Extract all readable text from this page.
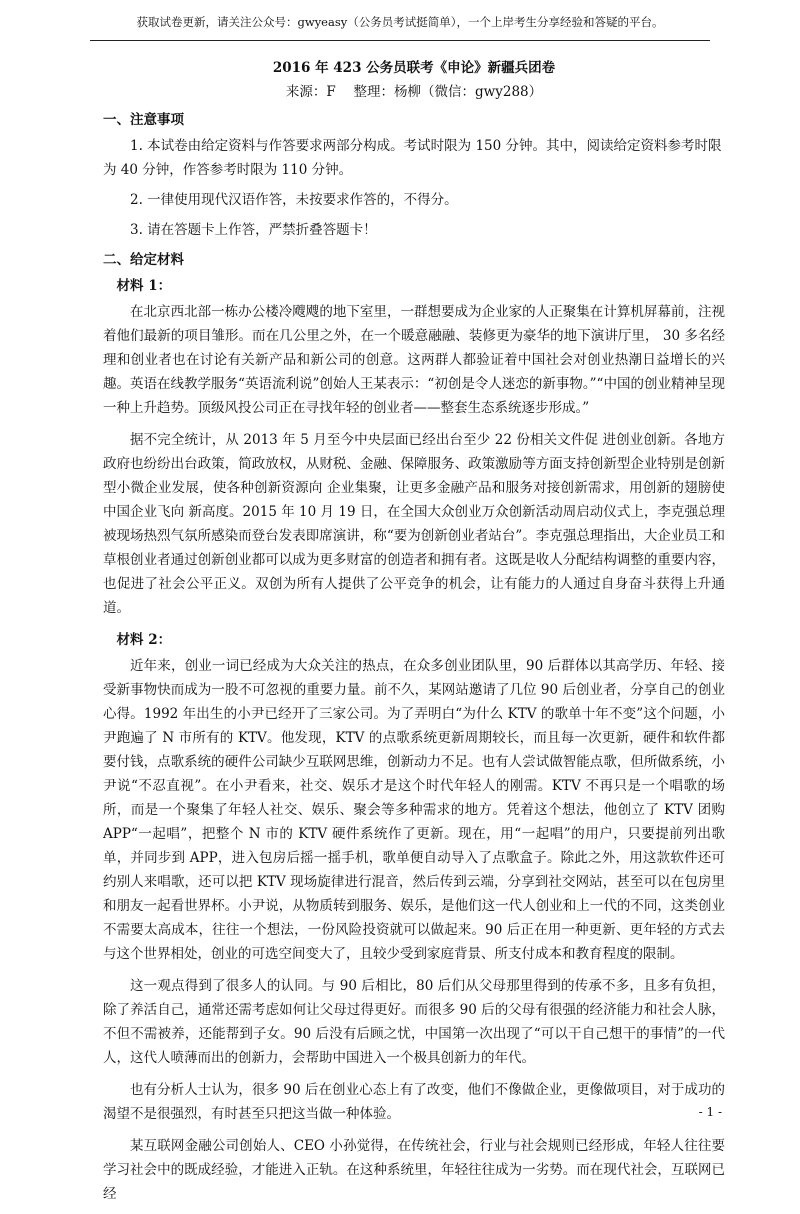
获取试卷更新，请关注公众号：gwyeasy（公务员考试挺简单），一个上岸考生分享经验和答疑的平台。
2016 年 423 公务员联考《申论》新疆兵团卷
来源：F　 整理：杨柳（微信：gwy288）
一、注意事项
1. 本试卷由给定资料与作答要求两部分构成。考试时限为 150 分钟。其中，阅读给定资料参考时限为 40 分钟，作答参考时限为 110 分钟。
2. 一律使用现代汉语作答，未按要求作答的，不得分。
3. 请在答题卡上作答，严禁折叠答题卡！
二、给定材料
材料 1：

在北京西北部一栋办公楼冷飕飕的地下室里，一群想要成为企业家的人正聚集在计算机屏幕前，注视着他们最新的项目雏形。而在几公里之外，在一个暖意融融、装修更为豪华的地下演讲厅里， 30 多名经理和创业者也在讨论有关新产品和新公司的创意。这两群人都验证着中国社会对创业热潮日益增长的兴趣。英语在线教学服务“英语流利说”创始人王某表示：“初创是令人迷恋的新事物。”“中国的创业精神呈现一种上升趋势。顶级风投公司正在寻找年轻的创业者——整套生态系统逐步形成。”

据不完全统计，从 2013 年 5 月至今中央层面已经出台至少 22 份相关文件促 进创业创新。各地方政府也纷纷出台政策，简政放权，从财税、金融、保障服务、政策激励等方面支持创新型企业特别是创新型小微企业发展，使各种创新资源向 企业集聚，让更多金融产品和服务对接创新需求，用创新的翅膀使中国企业飞向 新高度。2015 年 10 月 19 日，在全国大众创业万众创新活动周启动仪式上，李克强总理被现场热烈气氛所感染而登台发表即席演讲，称“要为创新创业者站台”。李克强总理指出，大企业员工和草根创业者通过创新创业都可以成为更多财富的创造者和拥有者。这既是收人分配结构调整的重要内容，也促进了社会公平正义。双创为所有人提供了公平竞争的机会，让有能力的人通过自身奋斗获得上升通道。

材料 2：

近年来，创业一词已经成为大众关注的热点，在众多创业团队里，90 后群体以其高学历、年轻、接受新事物快而成为一股不可忽视的重要力量。前不久，某网站邀请了几位 90 后创业者，分享自己的创业心得。1992 年出生的小尹已经开了三家公司。为了弄明白“为什么 KTV 的歌单十年不变”这个问题，小尹跑遍了 N 市所有的 KTV。他发现，KTV 的点歌系统更新周期较长，而且每一次更新，硬件和软件都要付钱，点歌系统的硬件公司缺少互联网思维，创新动力不足。也有人尝试做智能点歌，但所做系统，小尹说“不忍直视”。在小尹看来，社交、娱乐才是这个时代年轻人的刚需。KTV 不再只是一个唱歌的场所，而是一个聚集了年轻人社交、娱乐、聚会等多种需求的地方。凭着这个想法，他创立了 KTV 团购 APP“一起唱”，把整个 N 市的 KTV 硬件系统作了更新。现在，用“一起唱”的用户，只要提前列出歌单，并同步到 APP，进入包房后摇一摇手机，歌单便自动导入了点歌盒子。除此之外，用这款软件还可约别人来唱歌，还可以把 KTV 现场旋律进行混音，然后传到云端，分享到社交网站，甚至可以在包房里和朋友一起看世界杯。小尹说，从物质转到服务、娱乐，是他们这一代人创业和上一代的不同，这类创业不需要太高成本，往往一个想法，一份风险投资就可以做起来。90 后正在用一种更新、更年轻的方式去与这个世界相处，创业的可选空间变大了，且较少受到家庭背景、所支付成本和教育程度的限制。

这一观点得到了很多人的认同。与 90 后相比，80 后们从父母那里得到的传承不多，且多有负担，除了养活自己，通常还需考虑如何让父母过得更好。而很多 90 后的父母有很强的经济能力和社会人脉，不但不需被养，还能帮到子女。90 后没有后顾之忧，中国第一次出现了“可以干自己想干的事情”的一代人，这代人喷薄而出的创新力，会帮助中国进入一个极具创新力的年代。

也有分析人士认为，很多 90 后在创业心态上有了改变，他们不像做企业，更像做项目，对于成功的渴望不是很强烈，有时甚至只把这当做一种体验。

某互联网金融公司创始人、CEO 小孙觉得，在传统社会，行业与社会规则已经形成，年轻人往往要学习社会中的既成经验，才能进入正轨。在这种系统里，年轻往往成为一劣势。而在现代社会，互联网已经

- 1 -
